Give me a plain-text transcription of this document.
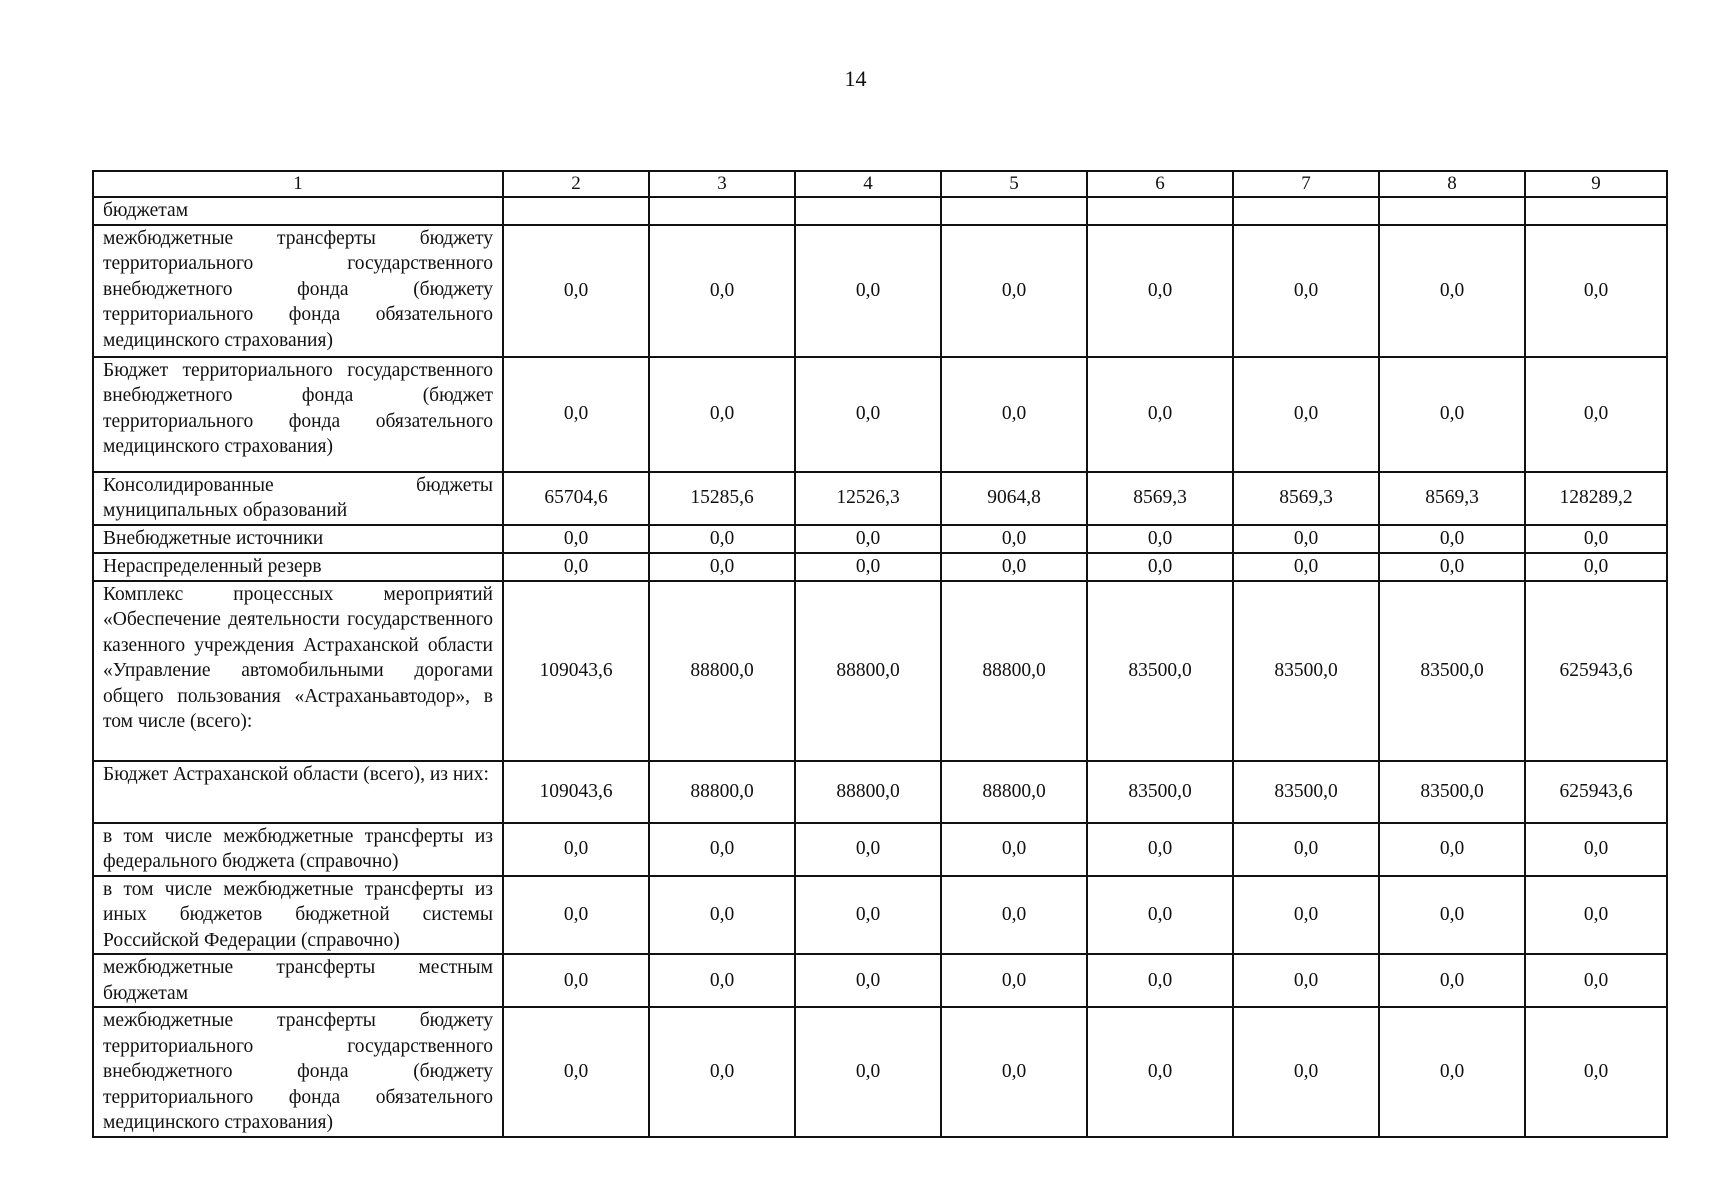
14
1	2	3	4	5	6	7	8	9
бюджетам								
межбюджетные трансферты бюджету территориального государственного внебюджетного фонда (бюджету территориального фонда обязательного медицинского страхования)	0,0	0,0	0,0	0,0	0,0	0,0	0,0	0,0
Бюджет территориального государственного внебюджетного фонда (бюджет территориального фонда обязательного медицинского страхования)	0,0	0,0	0,0	0,0	0,0	0,0	0,0	0,0
Консолидированные бюджеты муниципальных образований	65704,6	15285,6	12526,3	9064,8	8569,3	8569,3	8569,3	128289,2
Внебюджетные источники	0,0	0,0	0,0	0,0	0,0	0,0	0,0	0,0
Нераспределенный резерв	0,0	0,0	0,0	0,0	0,0	0,0	0,0	0,0
Комплекс процессных мероприятий «Обеспечение деятельности государственного казенного учреждения Астраханской области «Управление автомобильными дорогами общего пользования «Астраханьавтодор», в том числе (всего):	109043,6	88800,0	88800,0	88800,0	83500,0	83500,0	83500,0	625943,6
Бюджет Астраханской области (всего), из них:	109043,6	88800,0	88800,0	88800,0	83500,0	83500,0	83500,0	625943,6
в том числе межбюджетные трансферты из федерального бюджета (справочно)	0,0	0,0	0,0	0,0	0,0	0,0	0,0	0,0
в том числе межбюджетные трансферты из иных бюджетов бюджетной системы Российской Федерации (справочно)	0,0	0,0	0,0	0,0	0,0	0,0	0,0	0,0
межбюджетные трансферты местным бюджетам	0,0	0,0	0,0	0,0	0,0	0,0	0,0	0,0
межбюджетные трансферты бюджету территориального государственного внебюджетного фонда (бюджету территориального фонда обязательного медицинского страхования)	0,0	0,0	0,0	0,0	0,0	0,0	0,0	0,0
